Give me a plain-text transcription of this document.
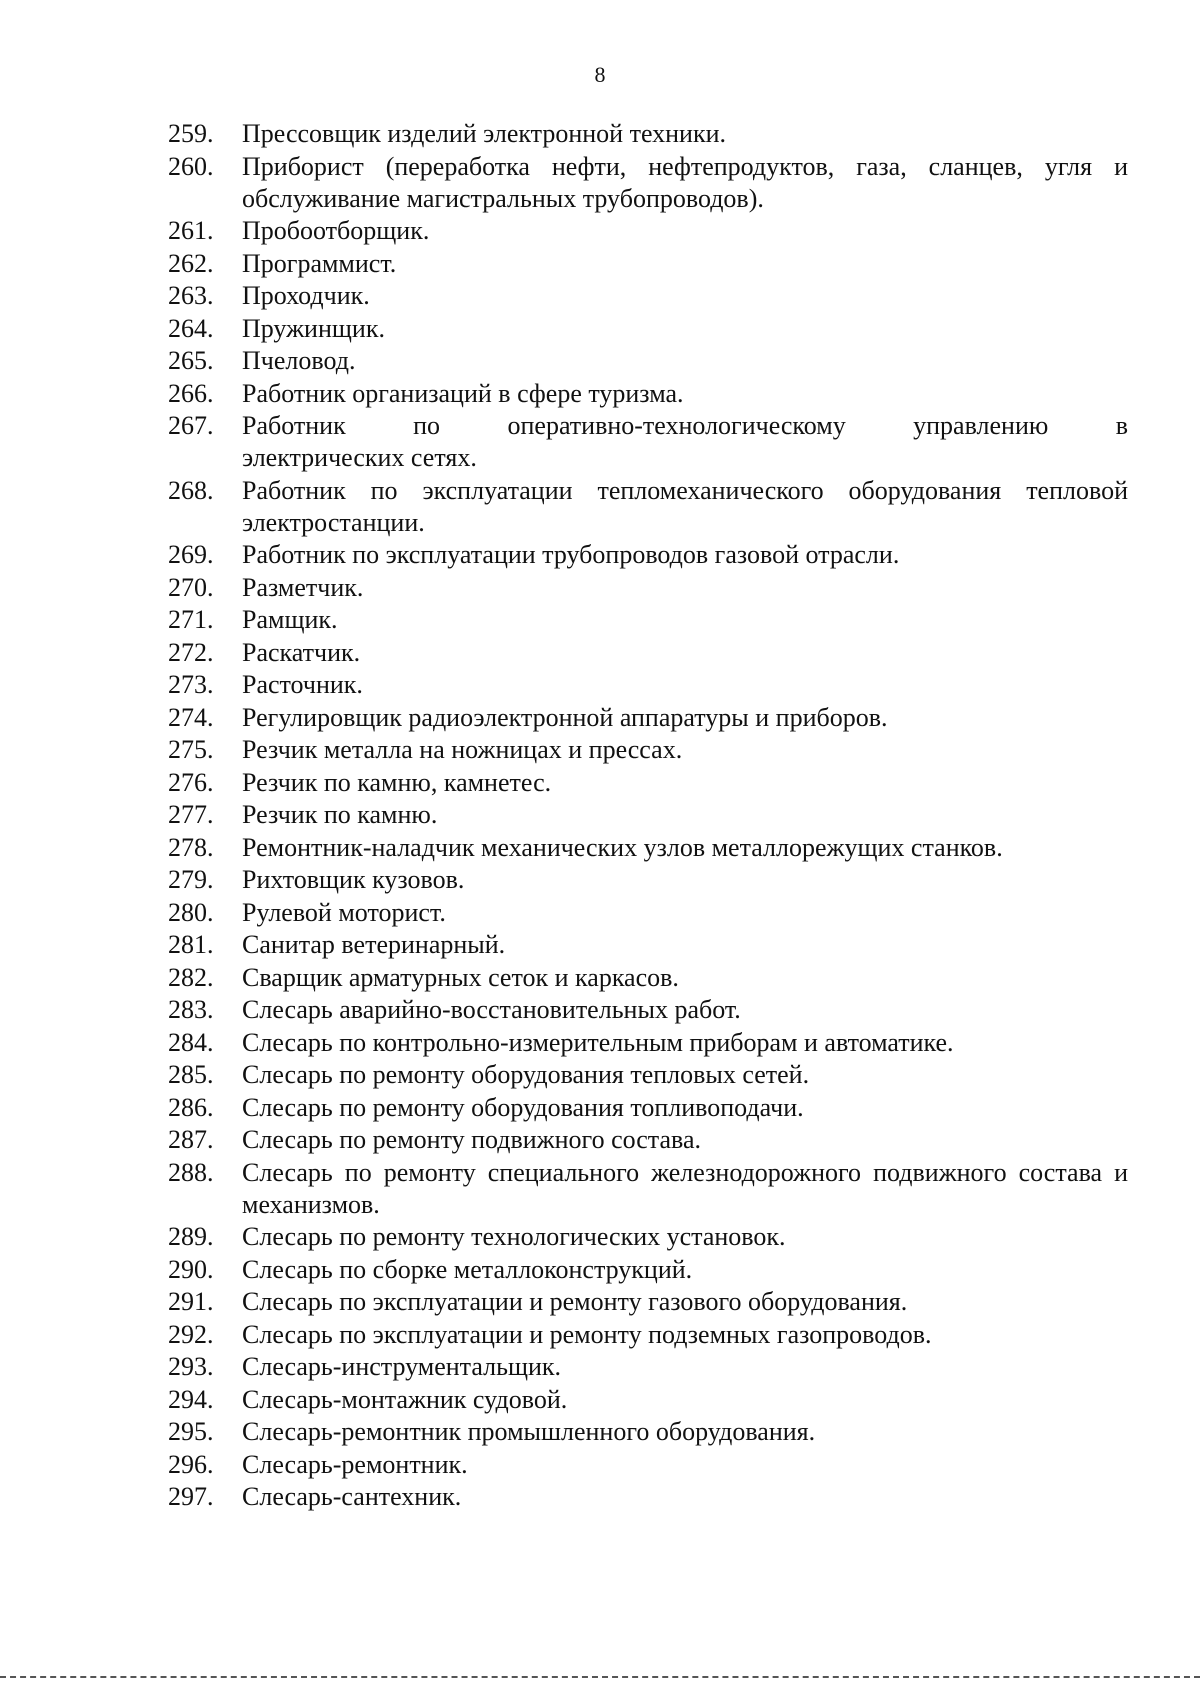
8
259.	Прессовщик изделий электронной техники.
260.	Приборист (переработка нефти, нефтепродуктов, газа, сланцев, угля и обслуживание магистральных трубопроводов).
261.	Пробоотборщик.
262.	Программист.
263.	Проходчик.
264.	Пружинщик.
265.	Пчеловод.
266.	Работник организаций в сфере туризма.
267.	Работник по оперативно-технологическому управлению в
электрических сетях.
268.	Работник по эксплуатации тепломеханического оборудования тепловой электростанции.
269.	Работник по эксплуатации трубопроводов газовой отрасли.
270.	Разметчик.
271.	Рамщик.
272.	Раскатчик.
273.	Расточник.
274.	Регулировщик радиоэлектронной аппаратуры и приборов.
275.	Резчик металла на ножницах и прессах.
276.	Резчик по камню, камнетес.
277.	Резчик по камню.
278.	Ремонтник-наладчик механических узлов металлорежущих станков.
279.	Рихтовщик кузовов.
280.	Рулевой моторист.
281.	Санитар ветеринарный.
282.	Сварщик арматурных сеток и каркасов.
283.	Слесарь аварийно-восстановительных работ.
284.	Слесарь по контрольно-измерительным приборам и автоматике.
285.	Слесарь по ремонту оборудования тепловых сетей.
286.	Слесарь по ремонту оборудования топливоподачи.
287.	Слесарь по ремонту подвижного состава.
288.	Слесарь по ремонту специального железнодорожного подвижного состава и механизмов.
289.	Слесарь по ремонту технологических установок.
290.	Слесарь по сборке металлоконструкций.
291.	Слесарь по эксплуатации и ремонту газового оборудования.
292.	Слесарь по эксплуатации и ремонту подземных газопроводов.
293.	Слесарь-инструментальщик.
294.	Слесарь-монтажник судовой.
295.	Слесарь-ремонтник промышленного оборудования.
296.	Слесарь-ремонтник.
297.	Слесарь-сантехник.
